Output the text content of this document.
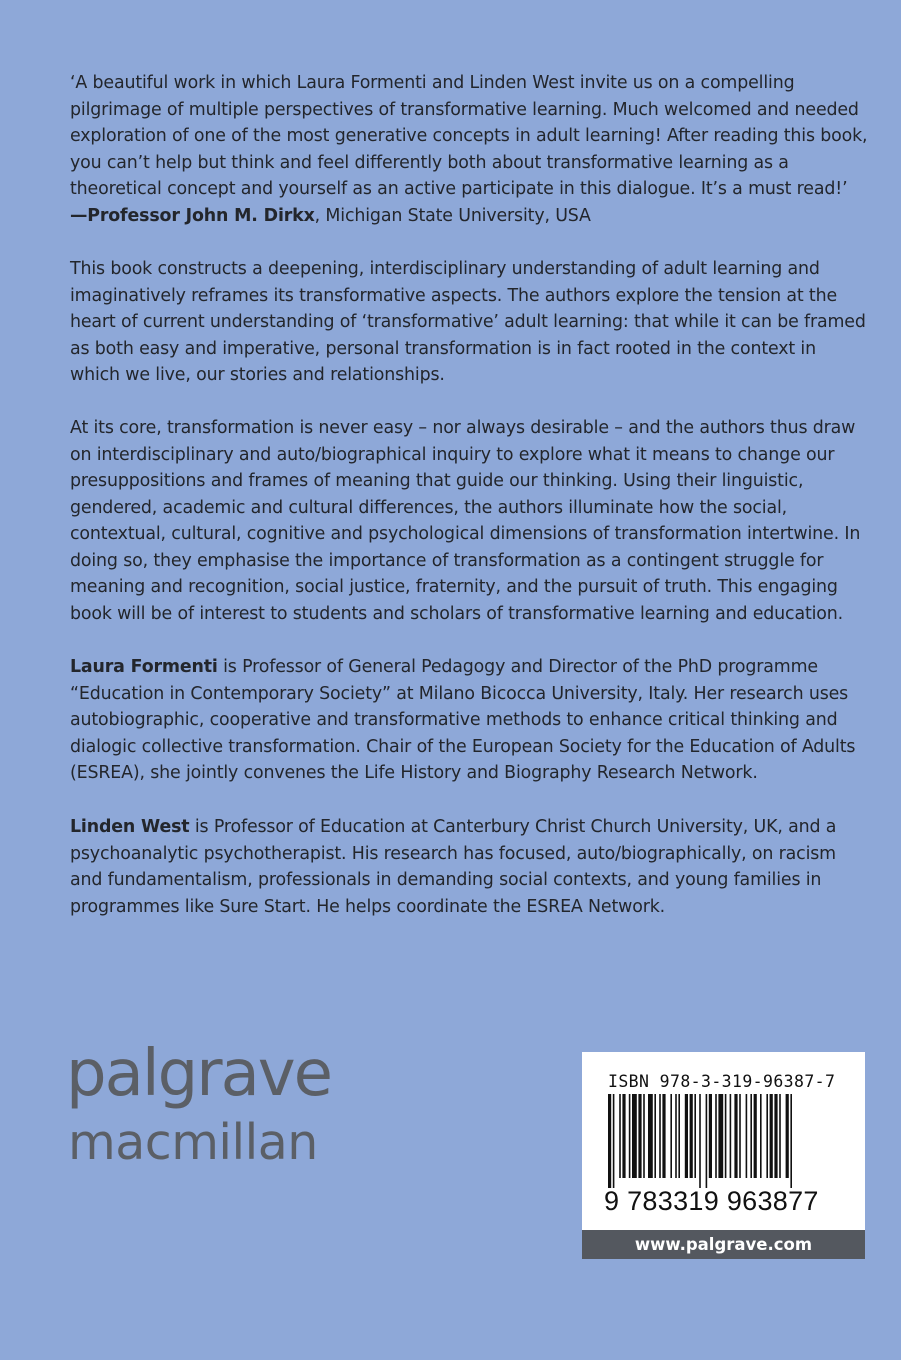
‘A beautiful work in which Laura Formenti and Linden West invite us on a compelling pilgrimage of multiple perspectives of transformative learning. Much welcomed and needed exploration of one of the most generative concepts in adult learning! After reading this book, you can’t help but think and feel differently both about transformative learning as a theoretical concept and yourself as an active participate in this dialogue. It’s a must read!’
—Professor John M. Dirkx, Michigan State University, USA

This book constructs a deepening, interdisciplinary understanding of adult learning and imaginatively reframes its transformative aspects. The authors explore the tension at the heart of current understanding of ‘transformative’ adult learning: that while it can be framed as both easy and imperative, personal transformation is in fact rooted in the context in which we live, our stories and relationships.

At its core, transformation is never easy – nor always desirable – and the authors thus draw on interdisciplinary and auto/biographical inquiry to explore what it means to change our presuppositions and frames of meaning that guide our thinking. Using their linguistic, gendered, academic and cultural differences, the authors illuminate how the social, contextual, cultural, cognitive and psychological dimensions of transformation intertwine. In doing so, they emphasise the importance of transformation as a contingent struggle for meaning and recognition, social justice, fraternity, and the pursuit of truth. This engaging book will be of interest to students and scholars of transformative learning and education.

Laura Formenti is Professor of General Pedagogy and Director of the PhD programme “Education in Contemporary Society” at Milano Bicocca University, Italy. Her research uses autobiographic, cooperative and transformative methods to enhance critical thinking and dialogic collective transformation. Chair of the European Society for the Education of Adults (ESREA), she jointly convenes the Life History and Biography Research Network.

Linden West is Professor of Education at Canterbury Christ Church University, UK, and a psychoanalytic psychotherapist. His research has focused, auto/biographically, on racism and fundamentalism, professionals in demanding social contexts, and young families in programmes like Sure Start. He helps coordinate the ESREA Network.

palgrave
macmillan
ISBN 978-3-319-96387-7
9 783319 963877
www.palgrave.com
